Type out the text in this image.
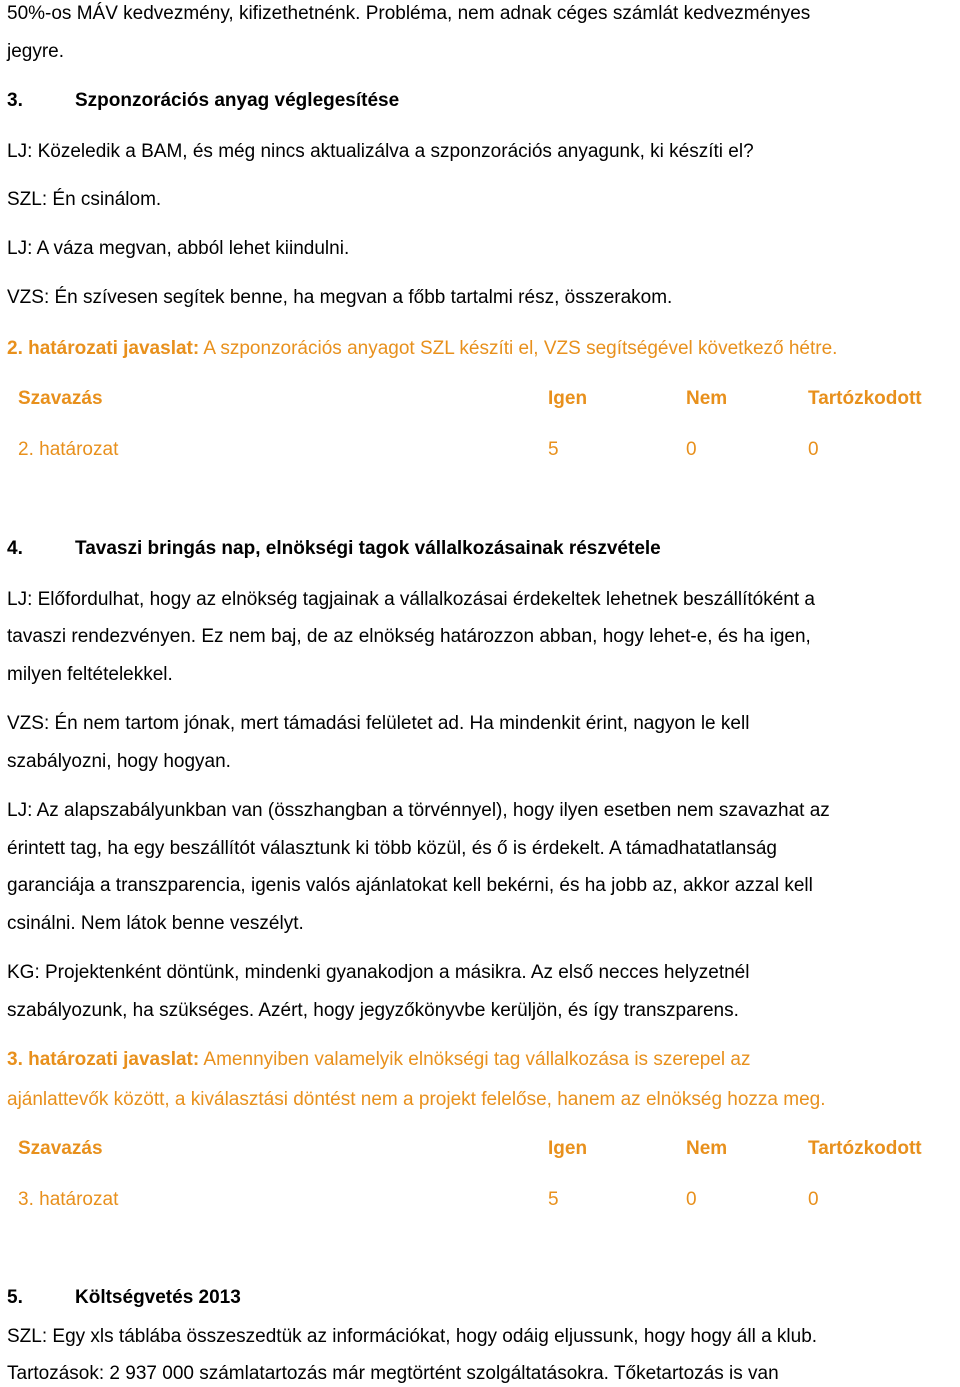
50%-os MÁV kedvezmény, kifizethetnénk. Probléma, nem adnak céges számlát kedvezményes
jegyre.
3.	Szponzorációs anyag véglegesítése
LJ: Közeledik a BAM, és még nincs aktualizálva a szponzorációs anyagunk, ki készíti el?
SZL: Én csinálom.
LJ: A váza megvan, abból lehet kiindulni.
VZS: Én szívesen segítek benne, ha megvan a főbb tartalmi rész, összerakom.
2. határozati javaslat: A szponzorációs anyagot SZL készíti el, VZS segítségével következő hétre.
Szavazás	Igen	Nem	Tartózkodott
2. határozat	5	0	0
4.	Tavaszi bringás nap, elnökségi tagok vállalkozásainak részvétele
LJ: Előfordulhat, hogy az elnökség tagjainak a vállalkozásai érdekeltek lehetnek beszállítóként a
tavaszi rendezvényen. Ez nem baj, de az elnökség határozzon abban, hogy lehet-e, és ha igen,
milyen feltételekkel.
VZS: Én nem tartom jónak, mert támadási felületet ad. Ha mindenkit érint, nagyon le kell
szabályozni, hogy hogyan.
LJ: Az alapszabályunkban van (összhangban a törvénnyel), hogy ilyen esetben nem szavazhat az
érintett tag, ha egy beszállítót választunk ki több közül, és ő is érdekelt. A támadhatatlanság
garanciája a transzparencia, igenis valós ajánlatokat kell bekérni, és ha jobb az, akkor azzal kell
csinálni. Nem látok benne veszélyt.
KG: Projektenként döntünk, mindenki gyanakodjon a másikra. Az első necces helyzetnél
szabályozunk, ha szükséges. Azért, hogy jegyzőkönyvbe kerüljön, és így transzparens.
3. határozati javaslat: Amennyiben valamelyik elnökségi tag vállalkozása is szerepel az
ajánlattevők között, a kiválasztási döntést nem a projekt felelőse, hanem az elnökség hozza meg.
Szavazás	Igen	Nem	Tartózkodott
3. határozat	5	0	0
5.	Költségvetés 2013
SZL: Egy xls táblába összeszedtük az információkat, hogy odáig eljussunk, hogy hogy áll a klub.
Tartozások: 2 937 000 számlatartozás már megtörtént szolgáltatásokra. Tőketartozás is van
